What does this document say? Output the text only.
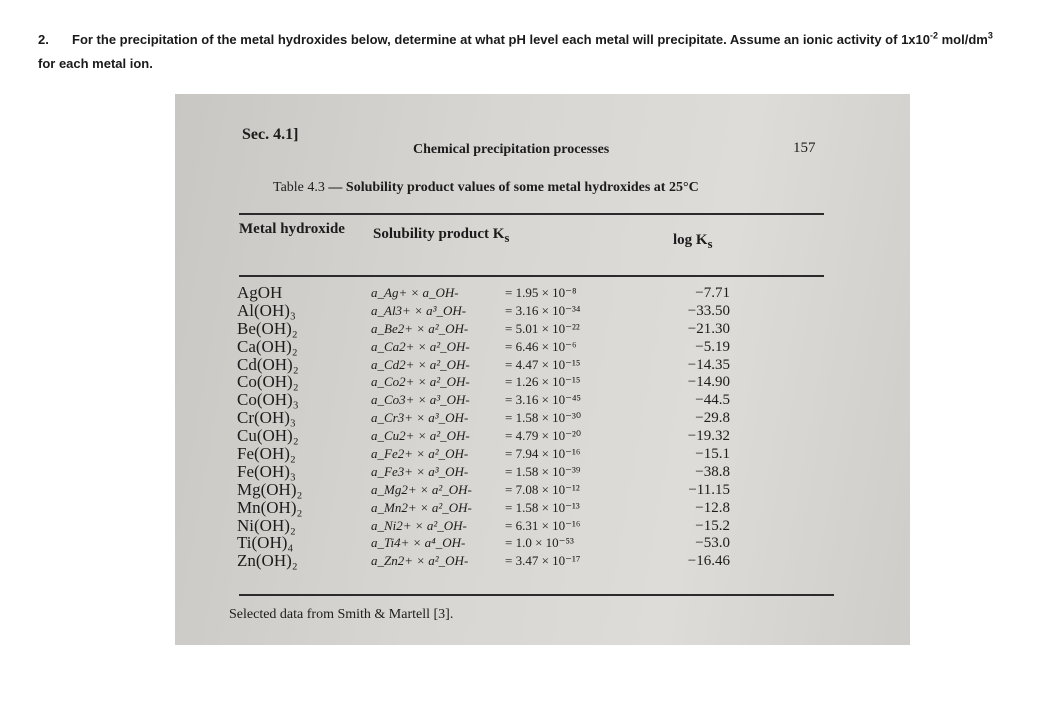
2. For the precipitation of the metal hydroxides below, determine at what pH level each metal will precipitate. Assume an ionic activity of $1x10^{-2}$ mol/$dm^3$
for each metal ion.
Sec. 4.1]
Chemical precipitation processes	157
Table 4.3 — Solubility product values of some metal hydroxides at 25°C
Metal hydroxide	Solubility product $K_s$	$\log K_s$
AgOH	a_Ag+ × a_OH-	= 1.95 × 10⁻⁸	−7.71
Al(OH)₃	a_Al3+ × a³_OH-	= 3.16 × 10⁻³⁴	−33.50
Be(OH)₂	a_Be2+ × a²_OH-	= 5.01 × 10⁻²²	−21.30
Ca(OH)₂	a_Ca2+ × a²_OH-	= 6.46 × 10⁻⁶	−5.19
Cd(OH)₂	a_Cd2+ × a²_OH-	= 4.47 × 10⁻¹⁵	−14.35
Co(OH)₂	a_Co2+ × a²_OH-	= 1.26 × 10⁻¹⁵	−14.90
Co(OH)₃	a_Co3+ × a³_OH-	= 3.16 × 10⁻⁴⁵	−44.5
Cr(OH)₃	a_Cr3+ × a³_OH-	= 1.58 × 10⁻³⁰	−29.8
Cu(OH)₂	a_Cu2+ × a²_OH-	= 4.79 × 10⁻²⁰	−19.32
Fe(OH)₂	a_Fe2+ × a²_OH-	= 7.94 × 10⁻¹⁶	−15.1
Fe(OH)₃	a_Fe3+ × a³_OH-	= 1.58 × 10⁻³⁹	−38.8
Mg(OH)₂	a_Mg2+ × a²_OH-	= 7.08 × 10⁻¹²	−11.15
Mn(OH)₂	a_Mn2+ × a²_OH-	= 1.58 × 10⁻¹³	−12.8
Ni(OH)₂	a_Ni2+ × a²_OH-	= 6.31 × 10⁻¹⁶	−15.2
Ti(OH)₄	a_Ti4+ × a⁴_OH-	= 1.0 × 10⁻⁵³	−53.0
Zn(OH)₂	a_Zn2+ × a²_OH-	= 3.47 × 10⁻¹⁷	−16.46
Selected data from Smith & Martell [3].
